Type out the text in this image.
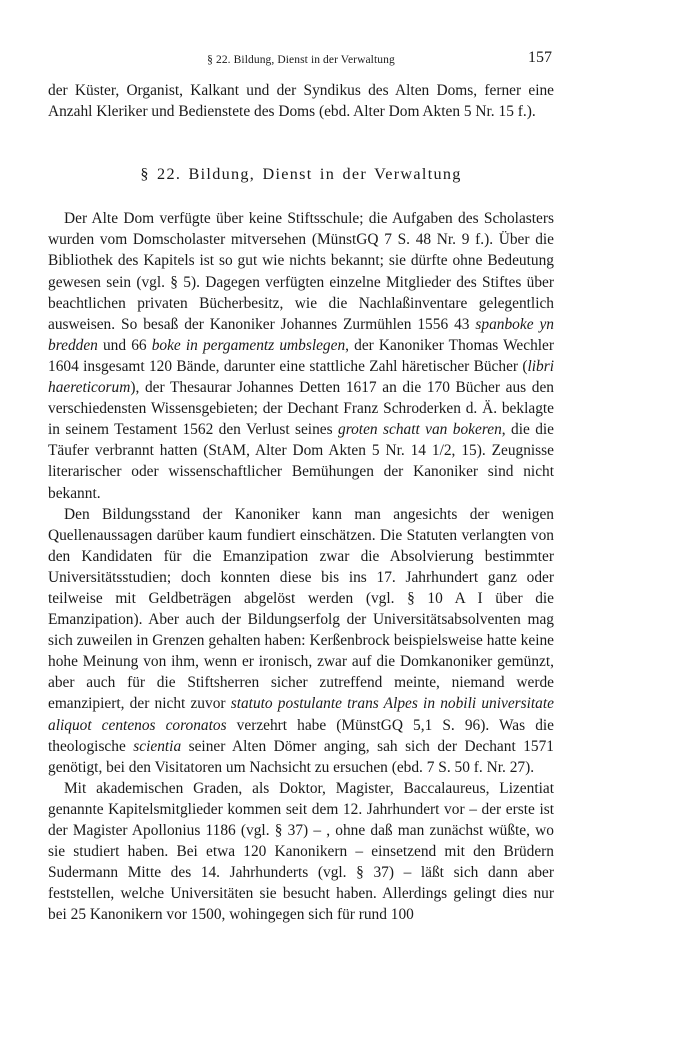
§ 22. Bildung, Dienst in der Verwaltung	157

der Küster, Organist, Kalkant und der Syndikus des Alten Doms, ferner eine Anzahl Kleriker und Bedienstete des Doms (ebd. Alter Dom Akten 5 Nr. 15 f.).

§ 22. Bildung, Dienst in der Verwaltung

Der Alte Dom verfügte über keine Stiftsschule; die Aufgaben des Scholasters wurden vom Domscholaster mitversehen (MünstGQ 7 S. 48 Nr. 9 f.). Über die Bibliothek des Kapitels ist so gut wie nichts bekannt; sie dürfte ohne Bedeutung gewesen sein (vgl. § 5). Dagegen verfügten einzelne Mitglieder des Stiftes über beachtlichen privaten Bücherbesitz, wie die Nachlaßinventare gelegentlich ausweisen. So besaß der Kanoniker Johannes Zurmühlen 1556 43 spanboke yn bredden und 66 boke in pergamentz umbslegen, der Kanoniker Thomas Wechler 1604 insgesamt 120 Bände, darunter eine stattliche Zahl häretischer Bücher (libri haereticorum), der Thesaurar Johannes Detten 1617 an die 170 Bücher aus den verschiedensten Wissensgebieten; der Dechant Franz Schroderken d. Ä. beklagte in seinem Testament 1562 den Verlust seines groten schatt van bokeren, die die Täufer verbrannt hatten (StAM, Alter Dom Akten 5 Nr. 14 1/2, 15). Zeugnisse literarischer oder wissenschaftlicher Bemühungen der Kanoniker sind nicht bekannt.

Den Bildungsstand der Kanoniker kann man angesichts der wenigen Quellenaussagen darüber kaum fundiert einschätzen. Die Statuten verlangten von den Kandidaten für die Emanzipation zwar die Absolvierung bestimmter Universitätsstudien; doch konnten diese bis ins 17. Jahrhundert ganz oder teilweise mit Geldbeträgen abgelöst werden (vgl. § 10 A I über die Emanzipation). Aber auch der Bildungserfolg der Universitätsabsolventen mag sich zuweilen in Grenzen gehalten haben: Kerßenbrock beispielsweise hatte keine hohe Meinung von ihm, wenn er ironisch, zwar auf die Domkanoniker gemünzt, aber auch für die Stiftsherren sicher zutreffend meinte, niemand werde emanzipiert, der nicht zuvor statuto postulante trans Alpes in nobili universitate aliquot centenos coronatos verzehrt habe (MünstGQ 5,1 S. 96). Was die theologische scientia seiner Alten Dömer anging, sah sich der Dechant 1571 genötigt, bei den Visitatoren um Nachsicht zu ersuchen (ebd. 7 S. 50 f. Nr. 27).

Mit akademischen Graden, als Doktor, Magister, Baccalaureus, Lizentiat genannte Kapitelsmitglieder kommen seit dem 12. Jahrhundert vor – der erste ist der Magister Apollonius 1186 (vgl. § 37) – , ohne daß man zunächst wüßte, wo sie studiert haben. Bei etwa 120 Kanonikern – einsetzend mit den Brüdern Sudermann Mitte des 14. Jahrhunderts (vgl. § 37) – läßt sich dann aber feststellen, welche Universitäten sie besucht haben. Allerdings gelingt dies nur bei 25 Kanonikern vor 1500, wohingegen sich für rund 100
